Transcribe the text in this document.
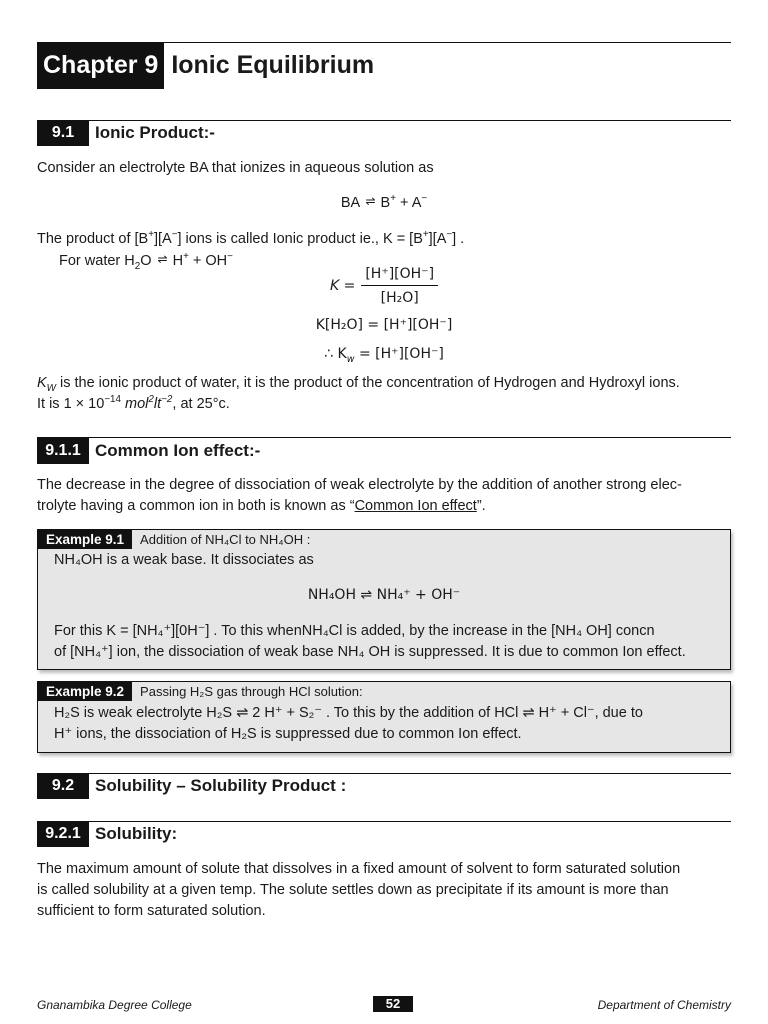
Chapter 9 Ionic Equilibrium
9.1	Ionic Product:-
Consider an electrolyte BA that ionizes in aqueous solution as
BA ⇌ B+ + A−
The product of [B+][A−] ions is called Ionic product ie., K = [B+][A−] .
For water $H_2O$ ⇌ H+ + OH−
$K = \frac{[H^+][OH^-]}{\text{[H₂O]}}$
K[H₂O] = [H⁺][OH⁻]
∴ $K_w = [H^+][OH^-]$
$K_W$ is the ionic product of water, it is the product of the concentration of Hydrogen and Hydroxyl ions.
It is $1 \times 10^{-14}$ $mol^2lt^{-2}$, at 25°c.
9.1.1 Common Ion effect:-
The decrease in the degree of dissociation of weak electrolyte by the addition of another strong elec-
trolyte having a common ion in both is known as “Common Ion effect”.
Example 9.1	Addition of NH₄Cl to NH₄OH :
NH₄OH is a weak base. It dissociates as
NH₄OH ⇌ NH₄⁺ + OH⁻
For this K = [NH₄⁺][0H⁻] . To this whenNH₄Cl is added, by the increase in the [NH₄ OH] concn
of [NH₄⁺] ion, the dissociation of weak base NH₄ OH is suppressed. It is due to common Ion effect.
Example 9.2	Passing H₂S gas through HCl solution:
H₂S is weak electrolyte H₂S ⇌ 2 H⁺ + S₂⁻ . To this by the addition of HCl ⇌ H⁺ + Cl⁻, due to
H⁺ ions, the dissociation of H₂S is suppressed due to common Ion effect.
9.2	Solubility – Solubility Product :
9.2.1 Solubility:
The maximum amount of solute that dissolves in a fixed amount of solvent to form saturated solution
is called solubility at a given temp. The solute settles down as precipitate if its amount is more than
sufficient to form saturated solution.
Gnanambika Degree College	52	Department of Chemistry
